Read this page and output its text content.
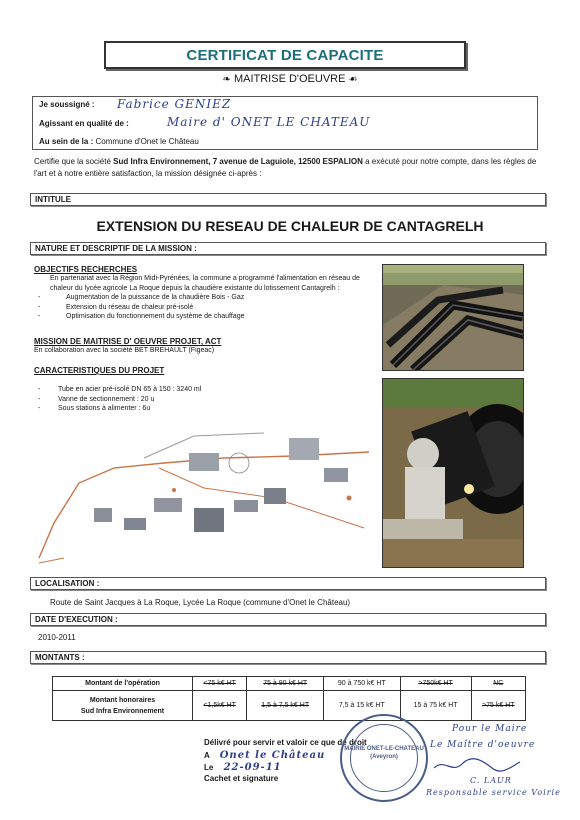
CERTIFICAT DE CAPACITE
❧ MAITRISE D'OEUVRE ☙
Je soussigné : Fabrice GENIEZ
Agissant en qualité de :	Maire d' ONET LE CHATEAU
Au sein de la : Commune d'Onet le Château
Certifie que la société Sud Infra Environnement, 7 avenue de Laguiole, 12500 ESPALION a exécuté pour notre compte, dans les règles de l'art et à notre entière satisfaction, la mission désignée ci-après :
INTITULE
EXTENSION DU RESEAU DE CHALEUR DE CANTAGRELH
NATURE ET DESCRIPTIF DE LA MISSION :
OBJECTIFS RECHERCHES
En partenariat avec la Région Midi-Pyrénées, la commune a programmé l'alimentation en réseau de chaleur du lycée agricole La Roque depuis la chaudière existante du lotissement Cantagrelh :
-	Augmentation de la puissance de la chaudière Bois - Gaz
-	Extension du réseau de chaleur pré-isolé
-	Optimisation du fonctionnement du système de chauffage
MISSION DE MAITRISE D' OEUVRE PROJET, ACT
En collaboration avec la société BET BREHAULT (Figeac)
CARACTERISTIQUES DU PROJET
-	Tube en acier pré-isolé DN 65 à 150 : 3240 ml
-	Vanne de sectionnement : 20 u
-	Sous stations à alimenter : 6u
LOCALISATION :
Route de Saint Jacques à La Roque, Lycée La Roque (commune d'Onet le Château)
DATE D'EXECUTION :
2010-2011
MONTANTS :
Montant de l'opération	<75 k€ HT	75 à 90 k€ HT	90 à 750 k€ HT	>750k€ HT	NC

Montant honoraires
Sud Infra Environnement	<1,5k€ HT	1,5 à 7,5 k€ HT	7,5 à 15 k€ HT	15 à 75 k€ HT	>75 k€ HT
Délivré pour servir et valoir ce que de droit
A Onet le Château
Le 22-09-11
Cachet et signature
MAIRIE ONET-LE-CHATEAU (Aveyron)
Pour le Maire
Le Maître d'oeuvre
C. LAUR
Responsable service Voirie
